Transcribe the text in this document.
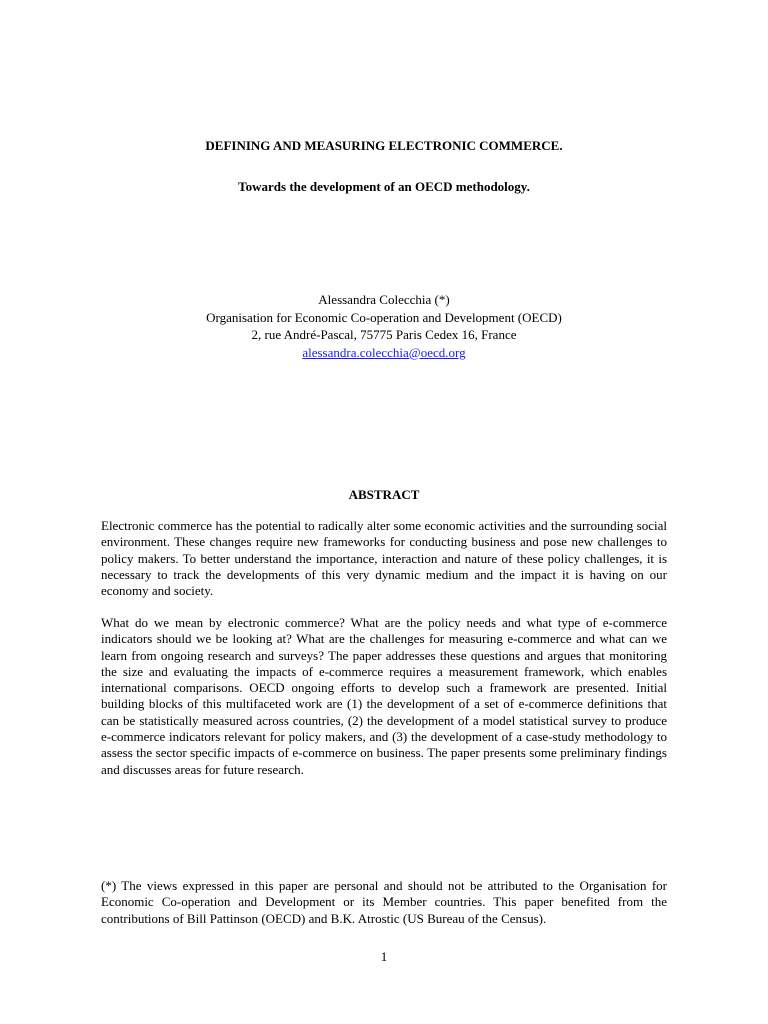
DEFINING AND MEASURING ELECTRONIC COMMERCE.
Towards the development of an OECD methodology.
Alessandra Colecchia (*)
Organisation for Economic Co-operation and Development (OECD)
2, rue André-Pascal, 75775 Paris Cedex 16, France
alessandra.colecchia@oecd.org
ABSTRACT

Electronic commerce has the potential to radically alter some economic activities and the surrounding social environment. These changes require new frameworks for conducting business and pose new challenges to policy makers. To better understand the importance, interaction and nature of these policy challenges, it is necessary to track the developments of this very dynamic medium and the impact it is having on our economy and society.

What do we mean by electronic commerce? What are the policy needs and what type of e-commerce indicators should we be looking at? What are the challenges for measuring e-commerce and what can we learn from ongoing research and surveys? The paper addresses these questions and argues that monitoring the size and evaluating the impacts of e-commerce requires a measurement framework, which enables international comparisons. OECD ongoing efforts to develop such a framework are presented. Initial building blocks of this multifaceted work are (1) the development of a set of e-commerce definitions that can be statistically measured across countries, (2) the development of a model statistical survey to produce e-commerce indicators relevant for policy makers, and (3) the development of a case-study methodology to assess the sector specific impacts of e-commerce on business. The paper presents some preliminary findings and discusses areas for future research.

(*) The views expressed in this paper are personal and should not be attributed to the Organisation for Economic Co-operation and Development or its Member countries. This paper benefited from the contributions of Bill Pattinson (OECD) and B.K. Atrostic (US Bureau of the Census).

1
